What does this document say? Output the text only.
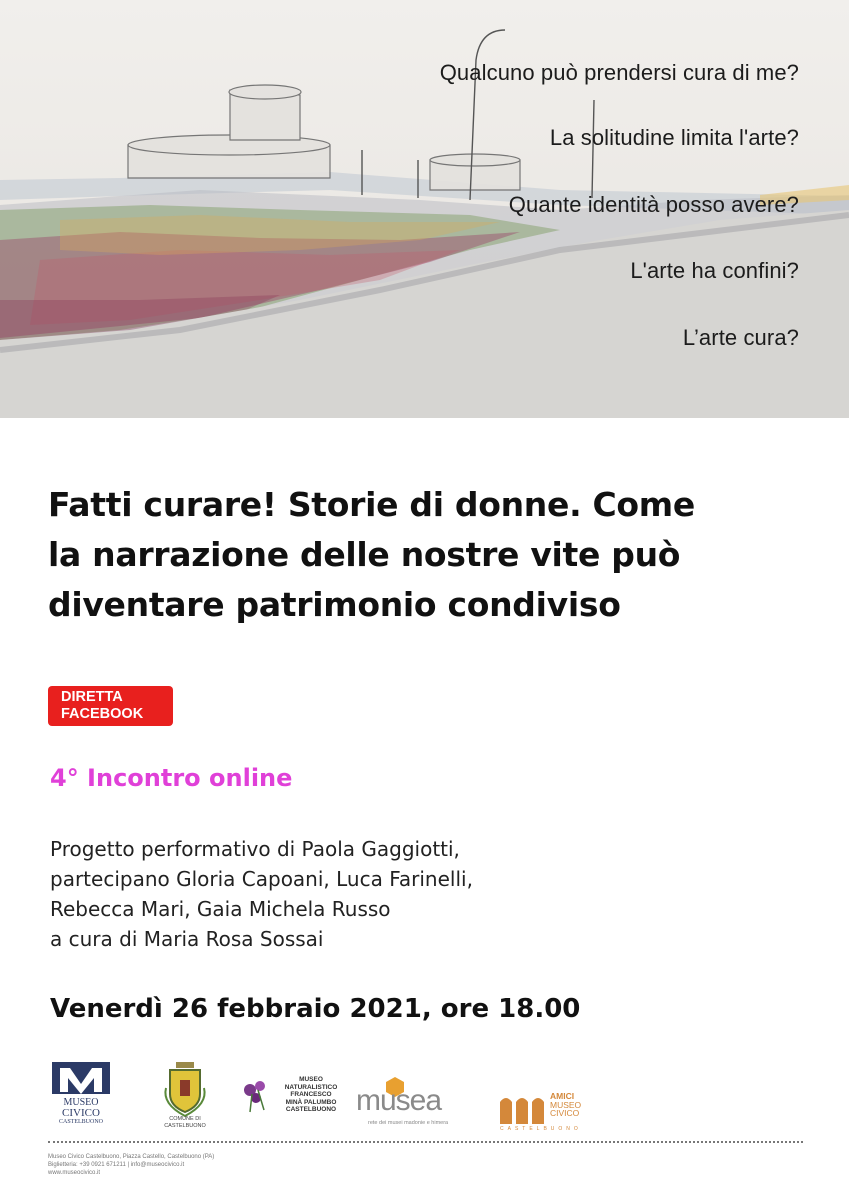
Qualcuno può prendersi cura di me?
La solitudine limita l'arte?
Quante identità posso avere?
L'arte ha confini?
L’arte cura?
Fatti curare! Storie di donne. Come
la narrazione delle nostre vite può
diventare patrimonio condiviso
DIRETTA
FACEBOOK
4° Incontro online
Progetto performativo di Paola Gaggiotti,
partecipano Gloria Capoani, Luca Farinelli,
Rebecca Mari, Gaia Michela Russo
a cura di Maria Rosa Sossai
Venerdì 26 febbraio 2021, ore 18.00
MUSEO
CIVICO
CASTELBUONO	COMUNE DI
CASTELBUONO
MUSEO
NATURALISTICO
FRANCESCO
MINÀ PALUMBO
CASTELBUONO musea
rete dei musei madonie e himera
AMICI
MUSEO
CIVICO
CASTELBUONO
Museo Civico Castelbuono, Piazza Castello, Castelbuono (PA)
Biglietteria: +39 0921 671211 | info@museocivico.it
www.museocivico.it
